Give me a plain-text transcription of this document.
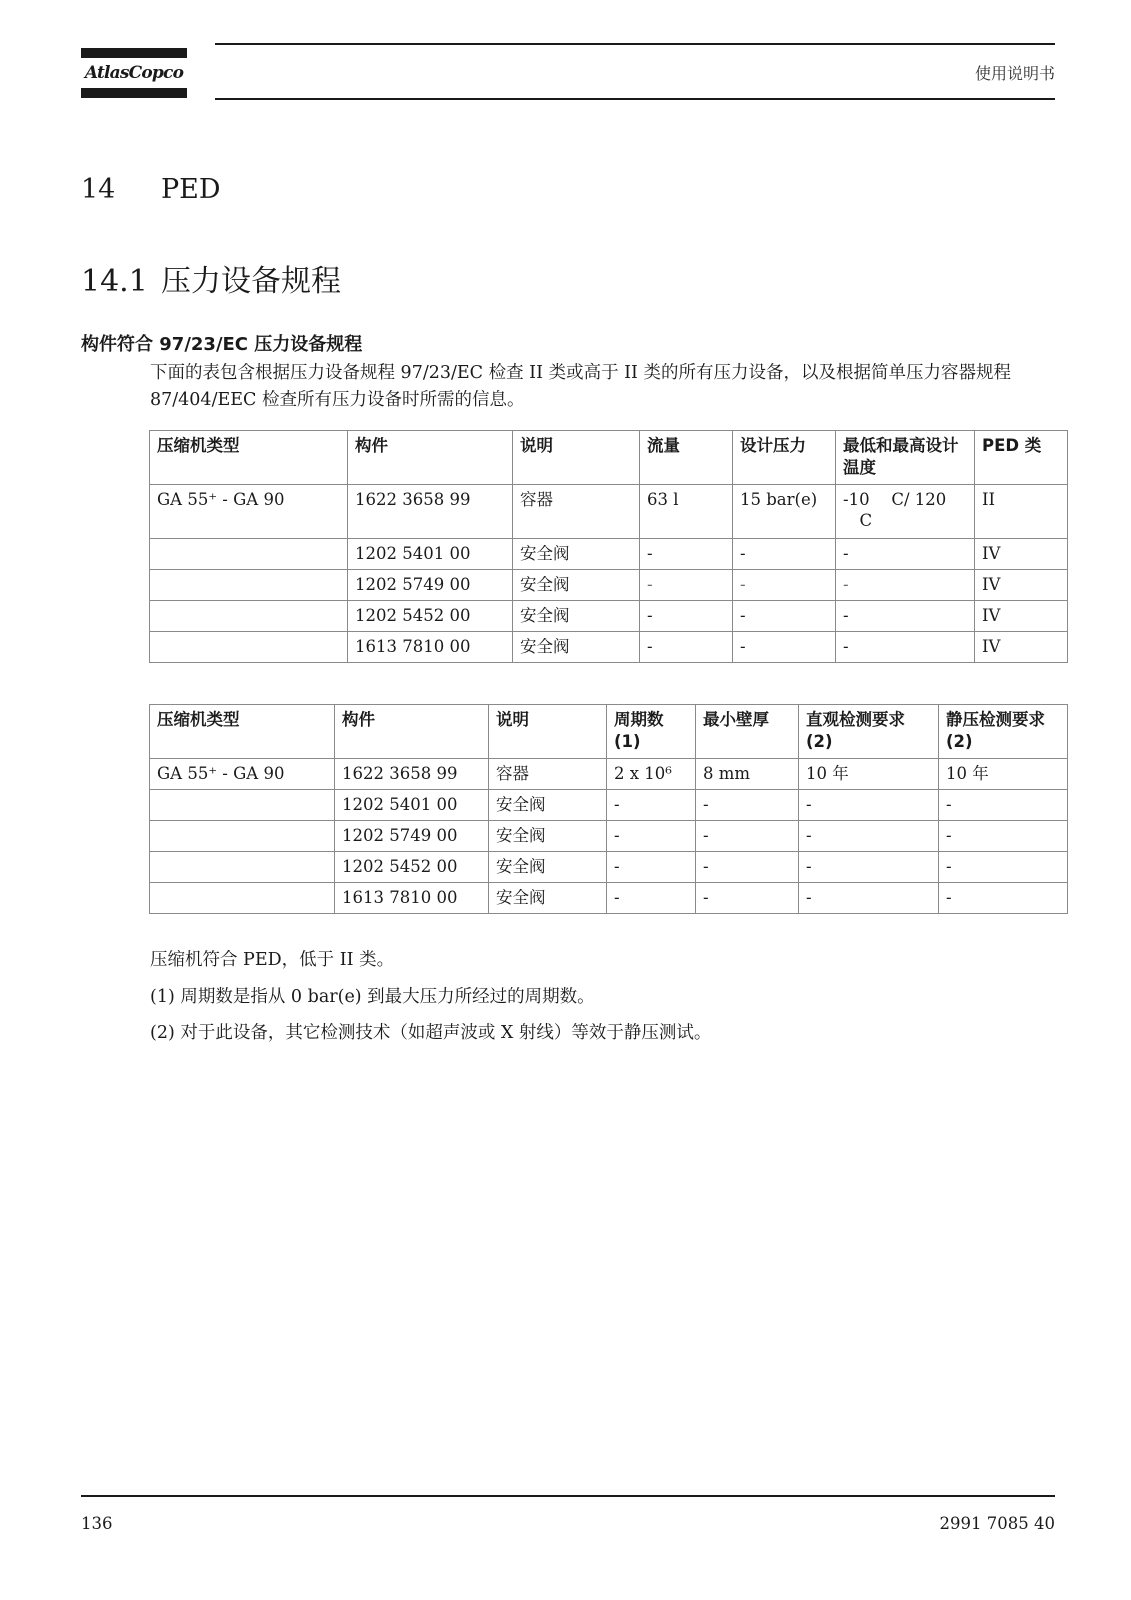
AtlasCopco	使用说明书
14 PED
14.1 压力设备规程
构件符合 97/23/EC 压力设备规程
下面的表包含根据压力设备规程 97/23/EC 检查 II 类或高于 II 类的所有压力设备，以及根据简单压力容器规程 87/404/EEC 检查所有压力设备时所需的信息。
压缩机类型	构件	说明	流量	设计压力	最低和最高设计温度	PED 类
GA 55⁺ - GA 90	1622 3658 99	容器	63 l	15 bar(e)	-10 　C/ 120 　C	II
	1202 5401 00	安全阀	-	-	-	IV
	1202 5749 00	安全阀	-	-	-	IV
	1202 5452 00	安全阀	-	-	-	IV
	1613 7810 00	安全阀	-	-	-	IV
压缩机类型	构件	说明	周期数 (1)	最小壁厚	直观检测要求 (2)	静压检测要求 (2)
GA 55⁺ - GA 90	1622 3658 99	容器	2 x 10⁶	8 mm	10 年	10 年
	1202 5401 00	安全阀	-	-	-	-
	1202 5749 00	安全阀	-	-	-	-
	1202 5452 00	安全阀	-	-	-	-
	1613 7810 00	安全阀	-	-	-	-
压缩机符合 PED，低于 II 类。
(1) 周期数是指从 0 bar(e) 到最大压力所经过的周期数。
(2) 对于此设备，其它检测技术（如超声波或 X 射线）等效于静压测试。
136	2991 7085 40
